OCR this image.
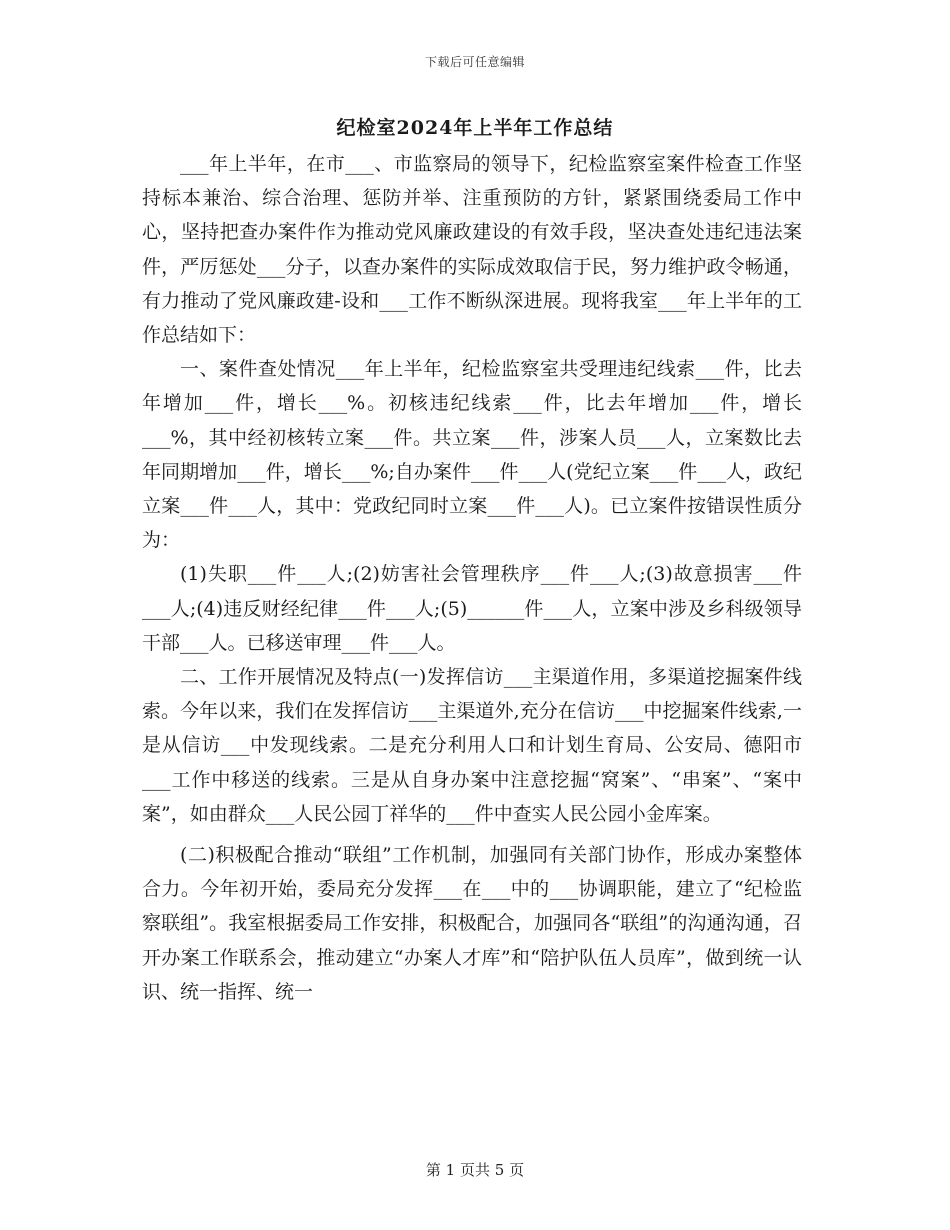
下载后可任意编辑
纪检室2024年上半年工作总结

___年上半年，在市___、市监察局的领导下，纪检监察室案件检查工作坚持标本兼治、综合治理、惩防并举、注重预防的方针，紧紧围绕委局工作中心，坚持把查办案件作为推动党风廉政建设的有效手段，坚决查处违纪违法案件，严厉惩处___分子，以查办案件的实际成效取信于民，努力维护政令畅通，有力推动了党风廉政建-设和___工作不断纵深进展。现将我室___年上半年的工作总结如下：

一、案件查处情况___年上半年，纪检监察室共受理违纪线索___件，比去年增加___件，增长___%。初核违纪线索___件，比去年增加___件，增长___%，其中经初核转立案___件。共立案___件，涉案人员___人，立案数比去年同期增加___件，增长___%;自办案件___件___人(党纪立案___件___人，政纪立案___件___人，其中：党政纪同时立案___件___人)。已立案件按错误性质分为：

(1)失职___件___人;(2)妨害社会管理秩序___件___人;(3)故意损害___件___人;(4)违反财经纪律___件___人;(5)______件___人，立案中涉及乡科级领导干部___人。已移送审理___件___人。

二、工作开展情况及特点(一)发挥信访___主渠道作用，多渠道挖掘案件线索。今年以来，我们在发挥信访___主渠道外,充分在信访___中挖掘案件线索,一是从信访___中发现线索。二是充分利用人口和计划生育局、公安局、德阳市___工作中移送的线索。三是从自身办案中注意挖掘“窝案”、“串案”、“案中案”，如由群众___人民公园丁祥华的___件中查实人民公园小金库案。

(二)积极配合推动“联组”工作机制，加强同有关部门协作，形成办案整体合力。今年初开始，委局充分发挥___在___中的___协调职能，建立了“纪检监察联组”。我室根据委局工作安排，积极配合，加强同各“联组”的沟通沟通，召开办案工作联系会，推动建立“办案人才库”和“陪护队伍人员库”，做到统一认识、统一指挥、统一

第 1 页共 5 页
